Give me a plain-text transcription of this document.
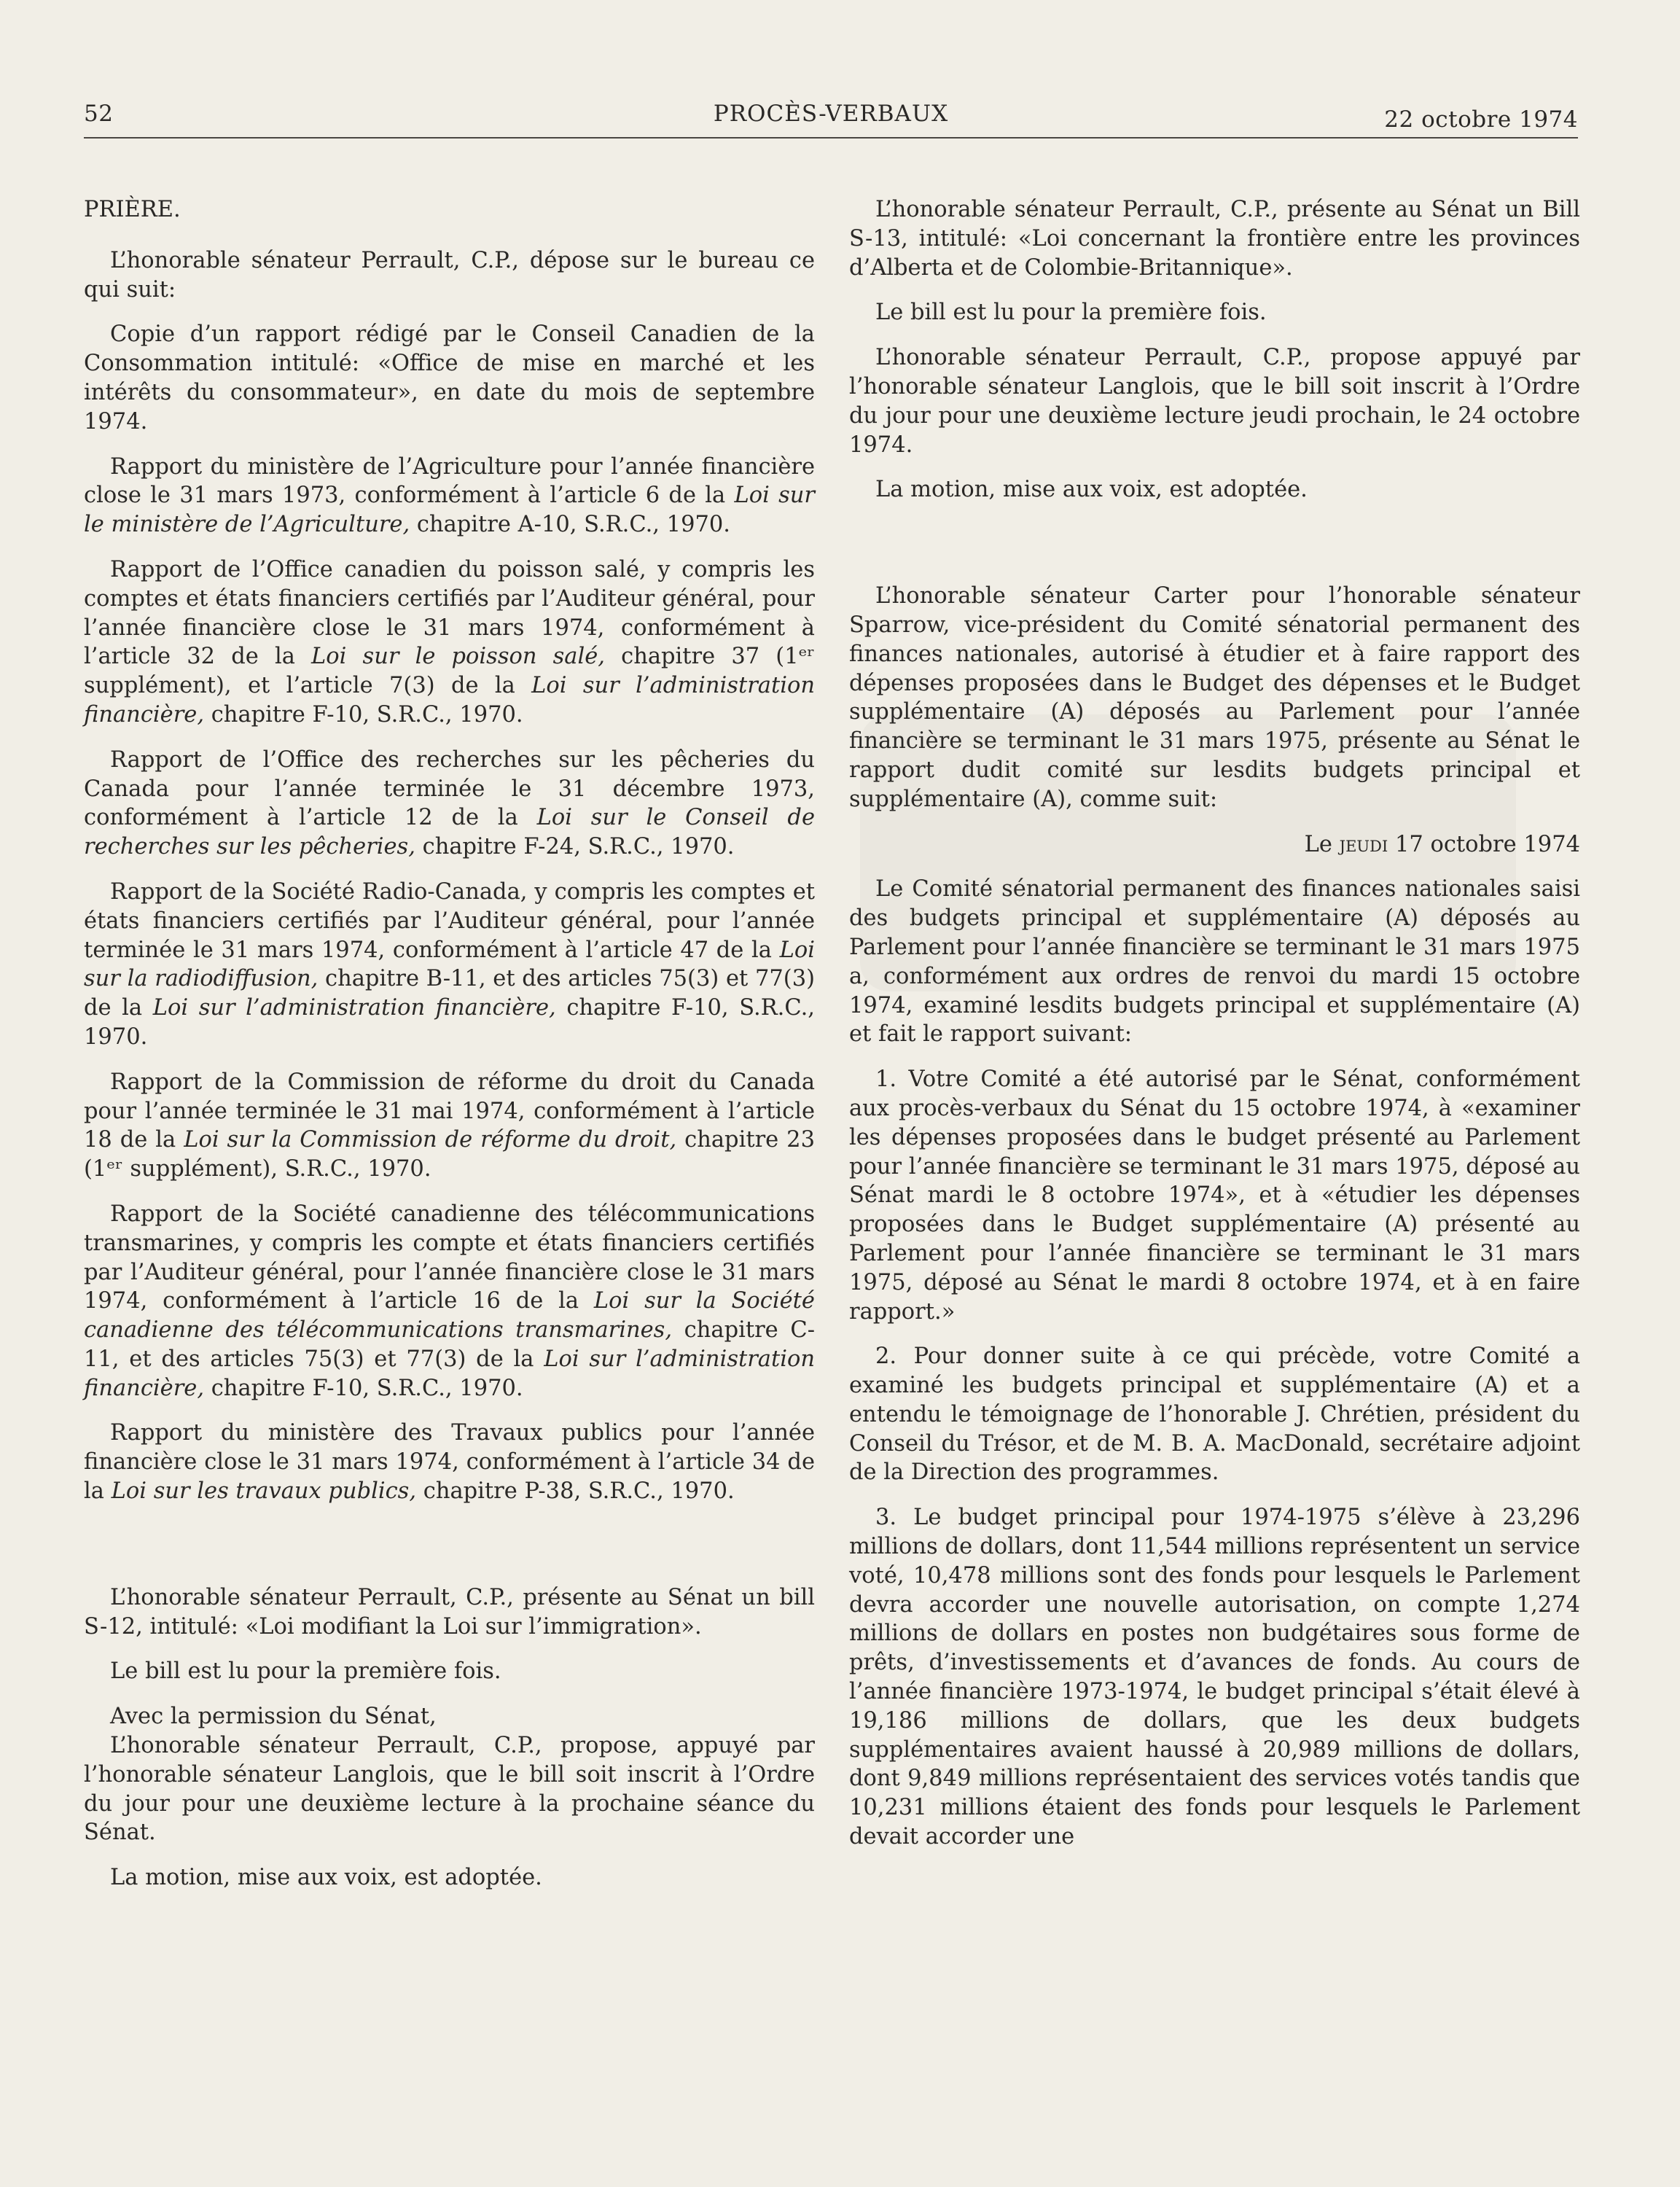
52	PROCÈS-VERBAUX	22 octobre 1974

PRIÈRE.

L’honorable sénateur Perrault, C.P., dépose sur le bureau ce qui suit:

Copie d’un rapport rédigé par le Conseil Canadien de la Consommation intitulé: «Office de mise en marché et les intérêts du consommateur», en date du mois de septembre 1974.

Rapport du ministère de l’Agriculture pour l’année financière close le 31 mars 1973, conformément à l’article 6 de la Loi sur le ministère de l’Agriculture, chapitre A-10, S.R.C., 1970.

Rapport de l’Office canadien du poisson salé, y compris les comptes et états financiers certifiés par l’Auditeur général, pour l’année financière close le 31 mars 1974, conformément à l’article 32 de la Loi sur le poisson salé, chapitre 37 (1ᵉʳ supplément), et l’article 7(3) de la Loi sur l’administration financière, chapitre F-10, S.R.C., 1970.

Rapport de l’Office des recherches sur les pêcheries du Canada pour l’année terminée le 31 décembre 1973, conformément à l’article 12 de la Loi sur le Conseil de recherches sur les pêcheries, chapitre F-24, S.R.C., 1970.

Rapport de la Société Radio-Canada, y compris les comptes et états financiers certifiés par l’Auditeur général, pour l’année terminée le 31 mars 1974, conformément à l’article 47 de la Loi sur la radiodiffusion, chapitre B-11, et des articles 75(3) et 77(3) de la Loi sur l’administration financière, chapitre F-10, S.R.C., 1970.

Rapport de la Commission de réforme du droit du Canada pour l’année terminée le 31 mai 1974, conformément à l’article 18 de la Loi sur la Commission de réforme du droit, chapitre 23 (1ᵉʳ supplément), S.R.C., 1970.

Rapport de la Société canadienne des télécommunications transmarines, y compris les compte et états financiers certifiés par l’Auditeur général, pour l’année financière close le 31 mars 1974, conformément à l’article 16 de la Loi sur la Société canadienne des télécommunications transmarines, chapitre C-11, et des articles 75(3) et 77(3) de la Loi sur l’administration financière, chapitre F-10, S.R.C., 1970.

Rapport du ministère des Travaux publics pour l’année financière close le 31 mars 1974, conformément à l’article 34 de la Loi sur les travaux publics, chapitre P-38, S.R.C., 1970.

L’honorable sénateur Perrault, C.P., présente au Sénat un bill S-12, intitulé: «Loi modifiant la Loi sur l’immigration».

Le bill est lu pour la première fois.

Avec la permission du Sénat,

L’honorable sénateur Perrault, C.P., propose, appuyé par l’honorable sénateur Langlois, que le bill soit inscrit à l’Ordre du jour pour une deuxième lecture à la prochaine séance du Sénat.

La motion, mise aux voix, est adoptée.

L’honorable sénateur Perrault, C.P., présente au Sénat un Bill S-13, intitulé: «Loi concernant la frontière entre les provinces d’Alberta et de Colombie-Britannique».

Le bill est lu pour la première fois.

L’honorable sénateur Perrault, C.P., propose appuyé par l’honorable sénateur Langlois, que le bill soit inscrit à l’Ordre du jour pour une deuxième lecture jeudi prochain, le 24 octobre 1974.

La motion, mise aux voix, est adoptée.

L’honorable sénateur Carter pour l’honorable sénateur Sparrow, vice-président du Comité sénatorial permanent des finances nationales, autorisé à étudier et à faire rapport des dépenses proposées dans le Budget des dépenses et le Budget supplémentaire (A) déposés au Parlement pour l’année financière se terminant le 31 mars 1975, présente au Sénat le rapport dudit comité sur lesdits budgets principal et supplémentaire (A), comme suit:

Le jeudi 17 octobre 1974

Le Comité sénatorial permanent des finances nationales saisi des budgets principal et supplémentaire (A) déposés au Parlement pour l’année financière se terminant le 31 mars 1975 a, conformément aux ordres de renvoi du mardi 15 octobre 1974, examiné lesdits budgets principal et supplémentaire (A) et fait le rapport suivant:

1. Votre Comité a été autorisé par le Sénat, conformément aux procès-verbaux du Sénat du 15 octobre 1974, à «examiner les dépenses proposées dans le budget présenté au Parlement pour l’année financière se terminant le 31 mars 1975, déposé au Sénat mardi le 8 octobre 1974», et à «étudier les dépenses proposées dans le Budget supplémentaire (A) présenté au Parlement pour l’année financière se terminant le 31 mars 1975, déposé au Sénat le mardi 8 octobre 1974, et à en faire rapport.»

2. Pour donner suite à ce qui précède, votre Comité a examiné les budgets principal et supplémentaire (A) et a entendu le témoignage de l’honorable J. Chrétien, président du Conseil du Trésor, et de M. B. A. MacDonald, secrétaire adjoint de la Direction des programmes.

3. Le budget principal pour 1974-1975 s’élève à 23,296 millions de dollars, dont 11,544 millions représentent un service voté, 10,478 millions sont des fonds pour lesquels le Parlement devra accorder une nouvelle autorisation, on compte 1,274 millions de dollars en postes non budgétaires sous forme de prêts, d’investissements et d’avances de fonds. Au cours de l’année financière 1973-1974, le budget principal s’était élevé à 19,186 millions de dollars, que les deux budgets supplémentaires avaient haussé à 20,989 millions de dollars, dont 9,849 millions représentaient des services votés tandis que 10,231 millions étaient des fonds pour lesquels le Parlement devait accorder une
